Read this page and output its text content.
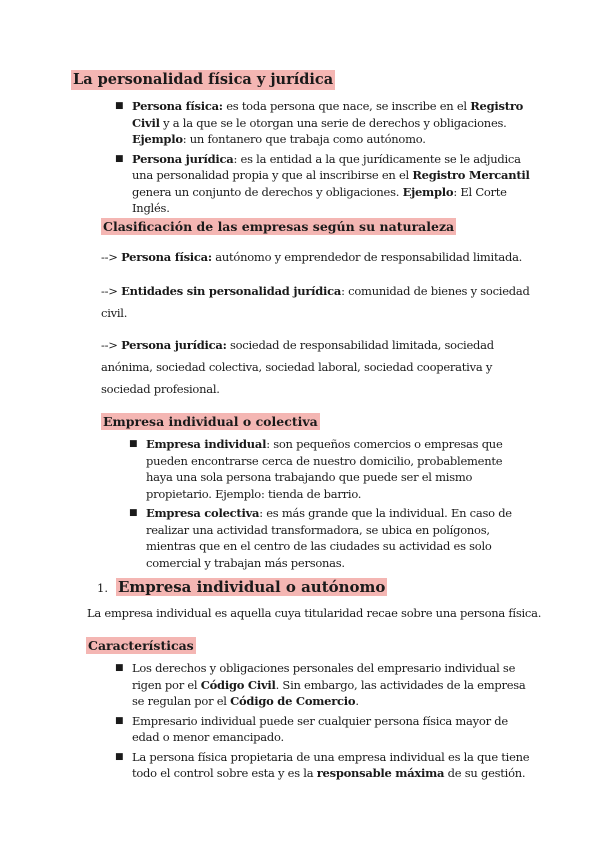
La personalidad física y jurídica
■ Persona física: es toda persona que nace, se inscribe en el Registro Civil y a la que se le otorgan una serie de derechos y obligaciones. Ejemplo: un fontanero que trabaja como autónomo.
■ Persona jurídica: es la entidad a la que jurídicamente se le adjudica una personalidad propia y que al inscribirse en el Registro Mercantil genera un conjunto de derechos y obligaciones. Ejemplo: El Corte Inglés.
Clasificación de las empresas según su naturaleza
--> Persona física: autónomo y emprendedor de responsabilidad limitada.
--> Entidades sin personalidad jurídica: comunidad de bienes y sociedad civil.
--> Persona jurídica: sociedad de responsabilidad limitada, sociedad anónima, sociedad colectiva, sociedad laboral, sociedad cooperativa y sociedad profesional.
Empresa individual o colectiva
■ Empresa individual: son pequeños comercios o empresas que pueden encontrarse cerca de nuestro domicilio, probablemente haya una sola persona trabajando que puede ser el mismo propietario. Ejemplo: tienda de barrio.
■ Empresa colectiva: es más grande que la individual. En caso de realizar una actividad transformadora, se ubica en polígonos, mientras que en el centro de las ciudades su actividad es solo comercial y trabajan más personas.
1. Empresa individual o autónomo
La empresa individual es aquella cuya titularidad recae sobre una persona física.
Características
■ Los derechos y obligaciones personales del empresario individual se rigen por el Código Civil. Sin embargo, las actividades de la empresa se regulan por el Código de Comercio.
■ Empresario individual puede ser cualquier persona física mayor de edad o menor emancipado.
■ La persona física propietaria de una empresa individual es la que tiene todo el control sobre esta y es la responsable máxima de su gestión.
